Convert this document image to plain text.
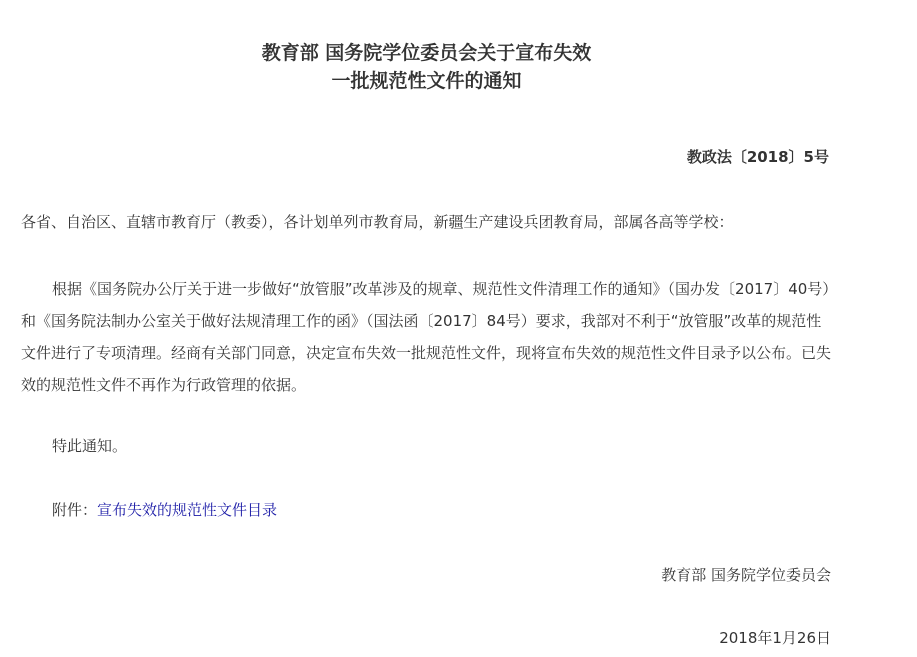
教育部 国务院学位委员会关于宣布失效
一批规范性文件的通知
教政法〔2018〕5号
各省、自治区、直辖市教育厅（教委），各计划单列市教育局，新疆生产建设兵团教育局，部属各高等学校：

根据《国务院办公厅关于进一步做好“放管服”改革涉及的规章、规范性文件清理工作的通知》（国办发〔2017〕40号）和《国务院法制办公室关于做好法规清理工作的函》（国法函〔2017〕84号）要求，我部对不利于“放管服”改革的规范性文件进行了专项清理。经商有关部门同意，决定宣布失效一批规范性文件，现将宣布失效的规范性文件目录予以公布。已失效的规范性文件不再作为行政管理的依据。

特此通知。
附件：宣布失效的规范性文件目录
教育部 国务院学位委员会
2018年1月26日
